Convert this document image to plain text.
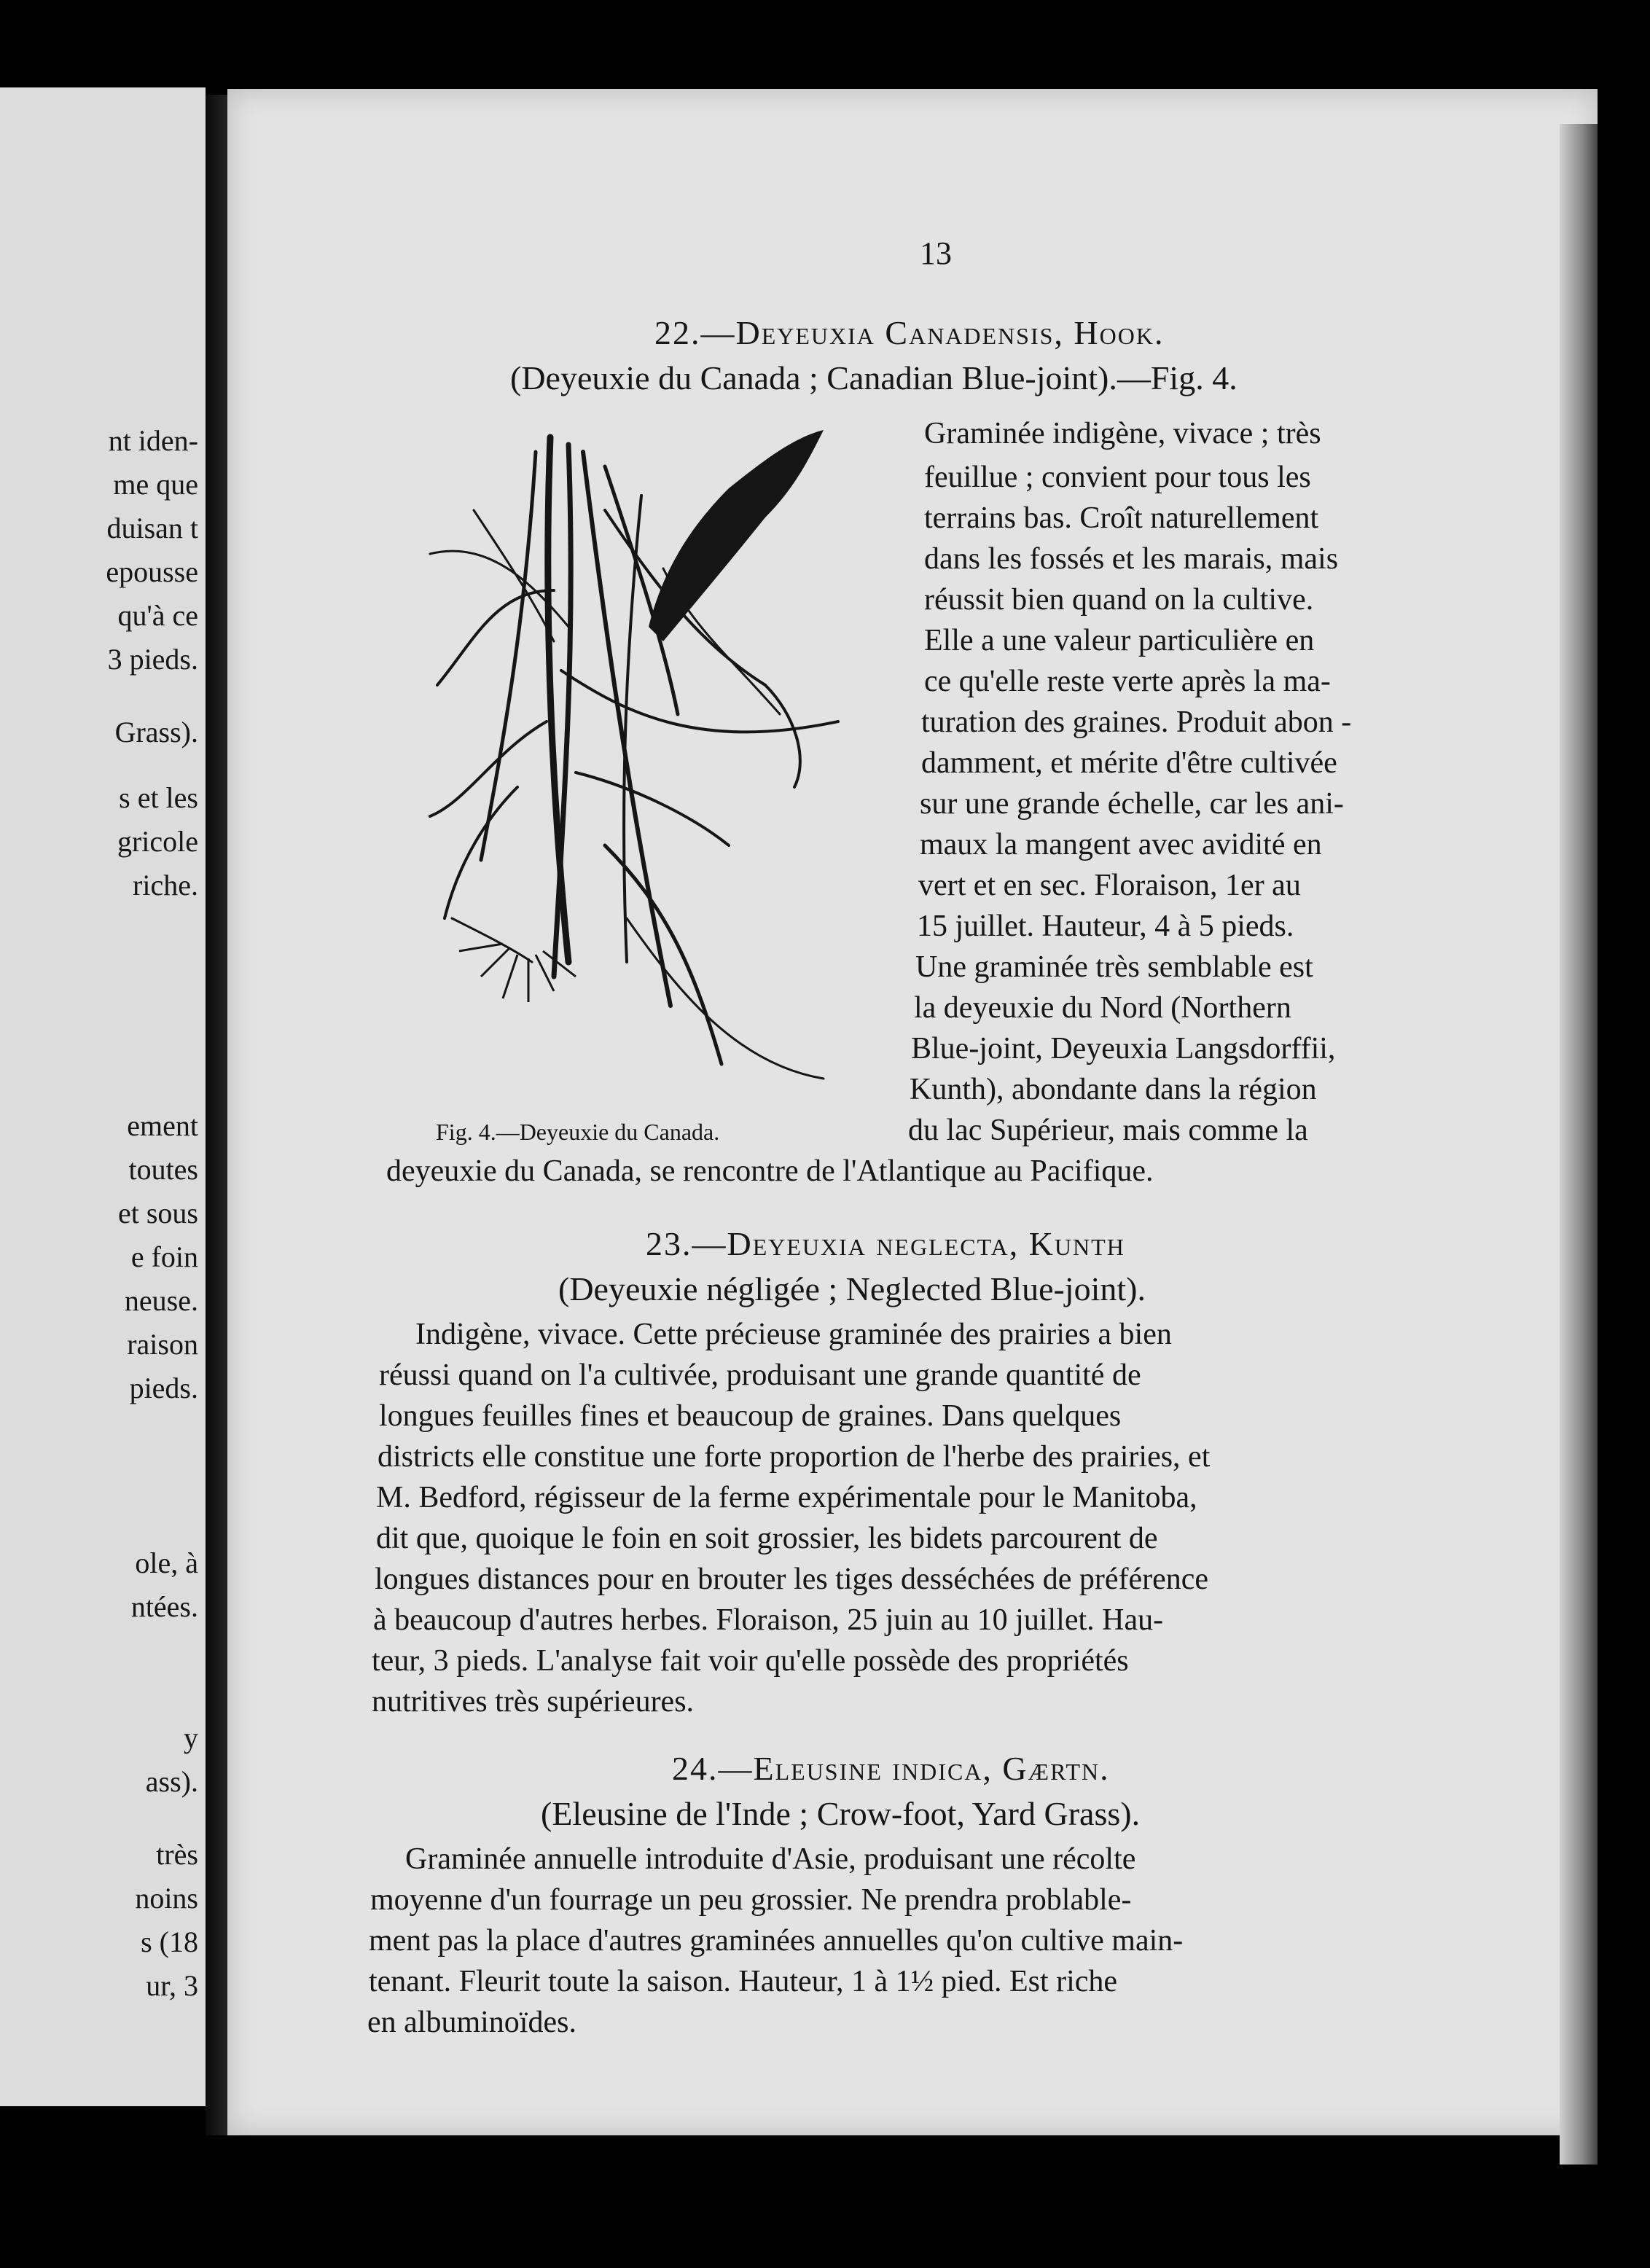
nt iden-
me que
duisan t
epousse
qu'à ce
3 pieds.
Grass).
s et les
gricole
riche.
ement
toutes
et sous
e foin
neuse.
raison
pieds.
ole, à
ntées.
y
ass).
très
noins
s (18
ur, 3
13
22.—Deyeuxia Canadensis, Hook.
(Deyeuxie du Canada ; Canadian Blue-joint).—Fig. 4.
Fig. 4.—Deyeuxie du Canada.
Graminée indigène, vivace ; très
feuillue ; convient pour tous les
terrains bas. Croît naturellement
dans les fossés et les marais, mais
réussit bien quand on la cultive.
Elle a une valeur particulière en
ce qu'elle reste verte après la ma-
turation des graines. Produit abon -
damment, et mérite d'être cultivée
sur une grande échelle, car les ani-
maux la mangent avec avidité en
vert et en sec. Floraison, 1er au
15 juillet. Hauteur, 4 à 5 pieds.
Une graminée très semblable est
la deyeuxie du Nord (Northern
Blue-joint, Deyeuxia Langsdorffii,
Kunth), abondante dans la région
du lac Supérieur, mais comme la
deyeuxie du Canada, se rencontre de l'Atlantique au Pacifique.
23.—Deyeuxia neglecta, Kunth
(Deyeuxie négligée ; Neglected Blue-joint).
Indigène, vivace. Cette précieuse graminée des prairies a bien
réussi quand on l'a cultivée, produisant une grande quantité de
longues feuilles fines et beaucoup de graines. Dans quelques
districts elle constitue une forte proportion de l'herbe des prairies, et
M. Bedford, régisseur de la ferme expérimentale pour le Manitoba,
dit que, quoique le foin en soit grossier, les bidets parcourent de
longues distances pour en brouter les tiges desséchées de préférence
à beaucoup d'autres herbes. Floraison, 25 juin au 10 juillet. Hau-
teur, 3 pieds. L'analyse fait voir qu'elle possède des propriétés
nutritives très supérieures.
24.—Eleusine indica, Gærtn.
(Eleusine de l'Inde ; Crow-foot, Yard Grass).
Graminée annuelle introduite d'Asie, produisant une récolte
moyenne d'un fourrage un peu grossier. Ne prendra problable-
ment pas la place d'autres graminées annuelles qu'on cultive main-
tenant. Fleurit toute la saison. Hauteur, 1 à 1½ pied. Est riche
en albuminoïdes.
